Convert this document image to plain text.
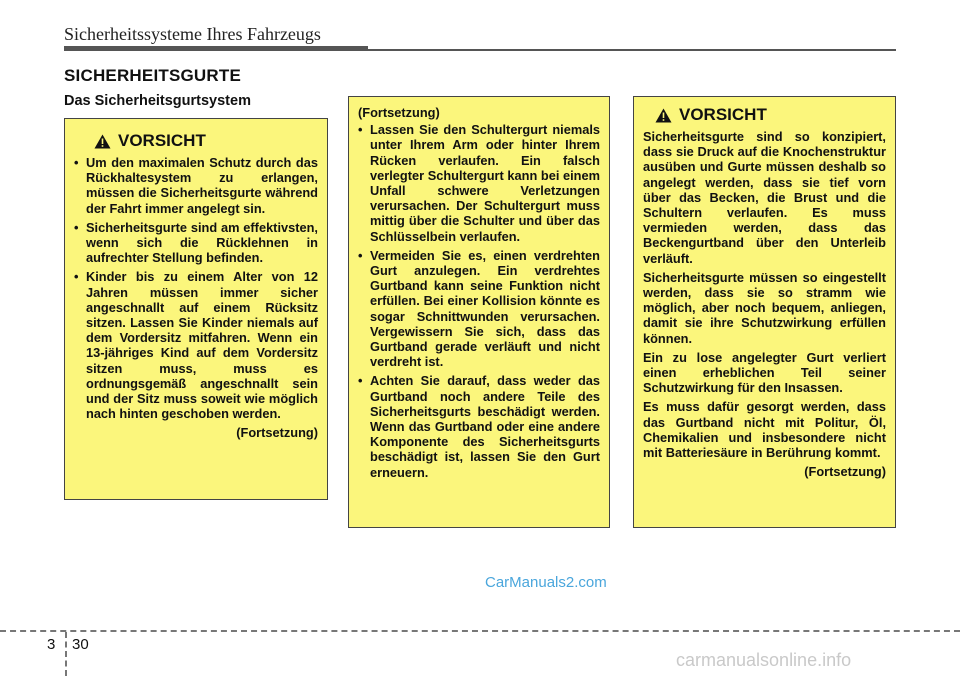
Sicherheitssysteme Ihres Fahrzeugs
SICHERHEITSGURTE
Das Sicherheitsgurtsystem
VORSICHT
• Um den maximalen Schutz durch das Rückhaltesystem zu erlangen, müssen die Sicherheitsgurte während der Fahrt immer angelegt sin.
• Sicherheitsgurte sind am effektivsten, wenn sich die Rücklehnen in aufrechter Stellung befinden.
• Kinder bis zu einem Alter von 12 Jahren müssen immer sicher angeschnallt auf einem Rücksitz sitzen. Lassen Sie Kinder niemals auf dem Vordersitz mitfahren. Wenn ein 13-jähriges Kind auf dem Vordersitz sitzen muss, muss es ordnungsgemäß angeschnallt sein und der Sitz muss soweit wie möglich nach hinten geschoben werden.
(Fortsetzung)
(Fortsetzung)
• Lassen Sie den Schultergurt niemals unter Ihrem Arm oder hinter Ihrem Rücken verlaufen. Ein falsch verlegter Schultergurt kann bei einem Unfall schwere Verletzungen verursachen. Der Schultergurt muss mittig über die Schulter und über das Schlüsselbein verlaufen.
• Vermeiden Sie es, einen verdrehten Gurt anzulegen. Ein verdrehtes Gurtband kann seine Funktion nicht erfüllen. Bei einer Kollision könnte es sogar Schnittwunden verursachen. Vergewissern Sie sich, dass das Gurtband gerade verläuft und nicht verdreht ist.
• Achten Sie darauf, dass weder das Gurtband noch andere Teile des Sicherheitsgurts beschädigt werden. Wenn das Gurtband oder eine andere Komponente des Sicherheitsgurts beschädigt ist, lassen Sie den Gurt erneuern.
VORSICHT

Sicherheitsgurte sind so konzipiert, dass sie Druck auf die Knochenstruktur ausüben und Gurte müssen deshalb so angelegt werden, dass sie tief vorn über das Becken, die Brust und die Schultern verlaufen. Es muss vermieden werden, dass das Beckengurtband über den Unterleib verläuft.

Sicherheitsgurte müssen so eingestellt werden, dass sie so stramm wie möglich, aber noch bequem, anliegen, damit sie ihre Schutzwirkung erfüllen können.

Ein zu lose angelegter Gurt verliert einen erheblichen Teil seiner Schutzwirkung für den Insassen.

Es muss dafür gesorgt werden, dass das Gurtband nicht mit Politur, Öl, Chemikalien und insbesondere nicht mit Batteriesäure in Berührung kommt.

(Fortsetzung)
CarManuals2.com
3 30
carmanualsonline.info
